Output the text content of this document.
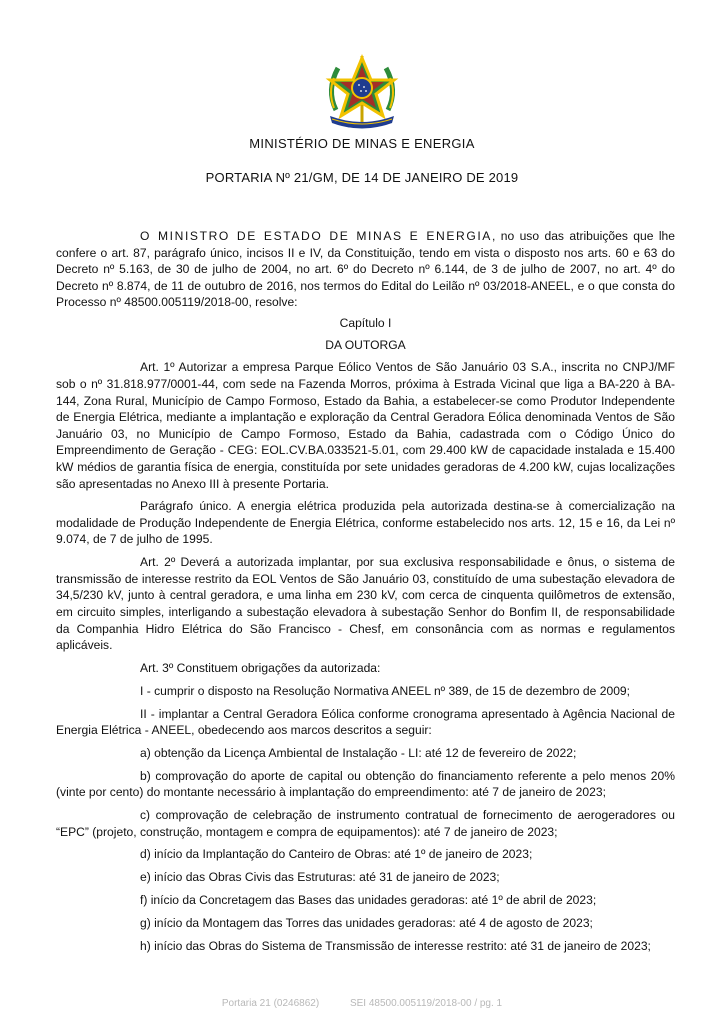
MINISTÉRIO DE MINAS E ENERGIA
PORTARIA Nº 21/GM, DE 14 DE JANEIRO DE 2019

O MINISTRO DE ESTADO DE MINAS E ENERGIA, no uso das atribuições que lhe confere o art. 87, parágrafo único, incisos II e IV, da Constituição, tendo em vista o disposto nos arts. 60 e 63 do Decreto nº 5.163, de 30 de julho de 2004, no art. 6º do Decreto nº 6.144, de 3 de julho de 2007, no art. 4º do Decreto nº 8.874, de 11 de outubro de 2016, nos termos do Edital do Leilão nº 03/2018-ANEEL, e o que consta do Processo nº 48500.005119/2018-00, resolve:

Capítulo I

DA OUTORGA

Art. 1º Autorizar a empresa Parque Eólico Ventos de São Januário 03 S.A., inscrita no CNPJ/MF sob o nº 31.818.977/0001-44, com sede na Fazenda Morros, próxima à Estrada Vicinal que liga a BA-220 à BA-144, Zona Rural, Município de Campo Formoso, Estado da Bahia, a estabelecer-se como Produtor Independente de Energia Elétrica, mediante a implantação e exploração da Central Geradora Eólica denominada Ventos de São Januário 03, no Município de Campo Formoso, Estado da Bahia, cadastrada com o Código Único do Empreendimento de Geração - CEG: EOL.CV.BA.033521-5.01, com 29.400 kW de capacidade instalada e 15.400 kW médios de garantia física de energia, constituída por sete unidades geradoras de 4.200 kW, cujas localizações são apresentadas no Anexo III à presente Portaria.

Parágrafo único. A energia elétrica produzida pela autorizada destina-se à comercialização na modalidade de Produção Independente de Energia Elétrica, conforme estabelecido nos arts. 12, 15 e 16, da Lei nº 9.074, de 7 de julho de 1995.

Art. 2º Deverá a autorizada implantar, por sua exclusiva responsabilidade e ônus, o sistema de transmissão de interesse restrito da EOL Ventos de São Januário 03, constituído de uma subestação elevadora de 34,5/230 kV, junto à central geradora, e uma linha em 230 kV, com cerca de cinquenta quilômetros de extensão, em circuito simples, interligando a subestação elevadora à subestação Senhor do Bonfim II, de responsabilidade da Companhia Hidro Elétrica do São Francisco - Chesf, em consonância com as normas e regulamentos aplicáveis.

Art. 3º Constituem obrigações da autorizada:

I - cumprir o disposto na Resolução Normativa ANEEL nº 389, de 15 de dezembro de 2009;

II - implantar a Central Geradora Eólica conforme cronograma apresentado à Agência Nacional de Energia Elétrica - ANEEL, obedecendo aos marcos descritos a seguir:

a) obtenção da Licença Ambiental de Instalação - LI: até 12 de fevereiro de 2022;

b) comprovação do aporte de capital ou obtenção do financiamento referente a pelo menos 20% (vinte por cento) do montante necessário à implantação do empreendimento: até 7 de janeiro de 2023;

c) comprovação de celebração de instrumento contratual de fornecimento de aerogeradores ou “EPC” (projeto, construção, montagem e compra de equipamentos): até 7 de janeiro de 2023;

d) início da Implantação do Canteiro de Obras: até 1º de janeiro de 2023;

e) início das Obras Civis das Estruturas: até 31 de janeiro de 2023;

f) início da Concretagem das Bases das unidades geradoras: até 1º de abril de 2023;

g) início da Montagem das Torres das unidades geradoras: até 4 de agosto de 2023;

h) início das Obras do Sistema de Transmissão de interesse restrito: até 31 de janeiro de 2023;

Portaria 21 (0246862)	SEI 48500.005119/2018-00 / pg. 1
